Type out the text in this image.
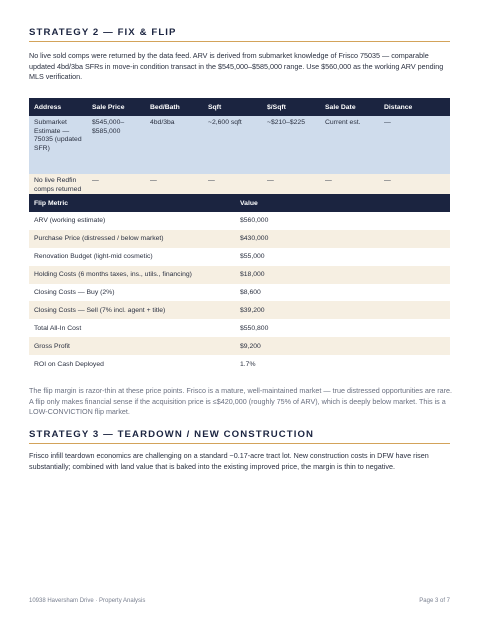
STRATEGY 2 — FIX & FLIP

No live sold comps were returned by the data feed. ARV is derived from submarket knowledge of Frisco 75035 — comparable updated 4bd/3ba SFRs in move-in condition transact in the $545,000–$585,000 range. Use $560,000 as the working ARV pending MLS verification.

Address	Sale Price	Bed/Bath	Sqft	$/Sqft	Sale Date	Distance
Submarket Estimate — 75035 (updated SFR)	$545,000–$585,000	4bd/3ba	~2,600 sqft	~$210–$225	Current est.	—
No live Redfin comps returned	—	—	—	—	—	—
Flip Metric	Value
ARV (working estimate)	$560,000
Purchase Price (distressed / below market)	$430,000
Renovation Budget (light-mid cosmetic)	$55,000
Holding Costs (6 months taxes, ins., utils., financing)	$18,000
Closing Costs — Buy (2%)	$8,600
Closing Costs — Sell (7% incl. agent + title)	$39,200
Total All-In Cost	$550,800
Gross Profit	$9,200
ROI on Cash Deployed	1.7%

The flip margin is razor-thin at these price points. Frisco is a mature, well-maintained market — true distressed opportunities are rare. A flip only makes financial sense if the acquisition price is ≤$420,000 (roughly 75% of ARV), which is deeply below market. This is a LOW-CONVICTION flip market.

STRATEGY 3 — TEARDOWN / NEW CONSTRUCTION

Frisco infill teardown economics are challenging on a standard ~0.17-acre tract lot. New construction costs in DFW have risen substantially; combined with land value that is baked into the existing improved price, the margin is thin to negative.

10938 Haversham Drive · Property Analysis	Page 3 of 7
